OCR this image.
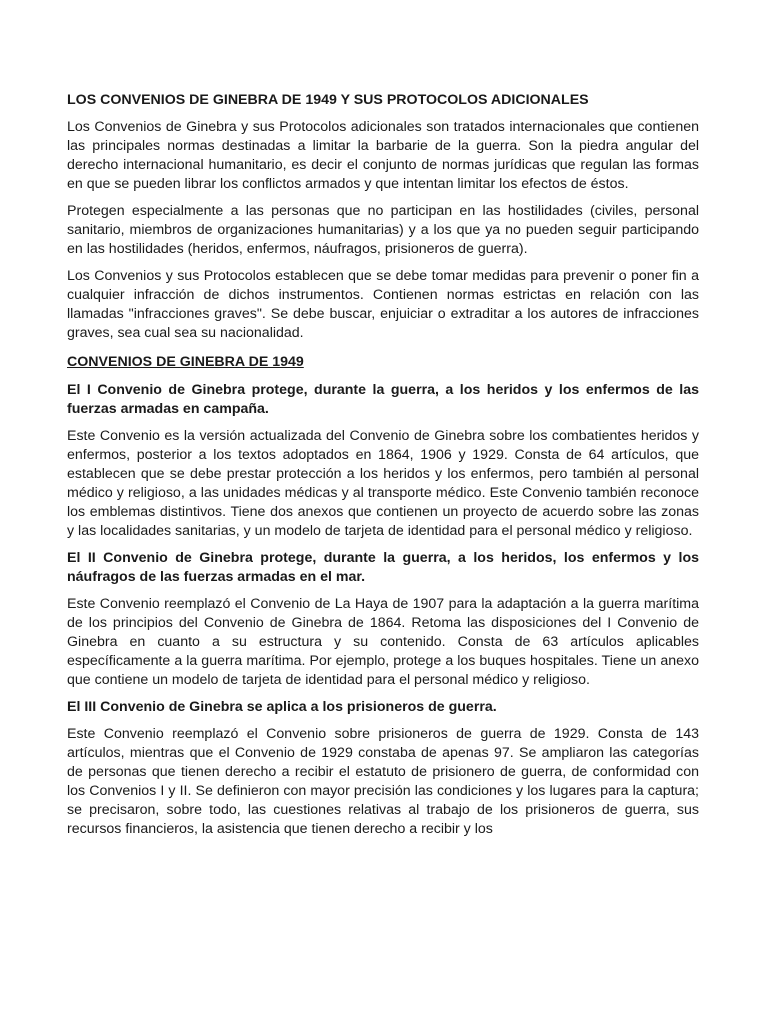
LOS CONVENIOS DE GINEBRA DE 1949 Y SUS PROTOCOLOS ADICIONALES

Los Convenios de Ginebra y sus Protocolos adicionales son tratados internacionales que contienen las principales normas destinadas a limitar la barbarie de la guerra. Son la piedra angular del derecho internacional humanitario, es decir el conjunto de normas jurídicas que regulan las formas en que se pueden librar los conflictos armados y que intentan limitar los efectos de éstos.

Protegen especialmente a las personas que no participan en las hostilidades (civiles, personal sanitario, miembros de organizaciones humanitarias) y a los que ya no pueden seguir participando en las hostilidades (heridos, enfermos, náufragos, prisioneros de guerra).

Los Convenios y sus Protocolos establecen que se debe tomar medidas para prevenir o poner fin a cualquier infracción de dichos instrumentos. Contienen normas estrictas en relación con las llamadas "infracciones graves". Se debe buscar, enjuiciar o extraditar a los autores de infracciones graves, sea cual sea su nacionalidad.

CONVENIOS DE GINEBRA DE 1949

El I Convenio de Ginebra protege, durante la guerra, a los heridos y los enfermos de las fuerzas armadas en campaña.

Este Convenio es la versión actualizada del Convenio de Ginebra sobre los combatientes heridos y enfermos, posterior a los textos adoptados en 1864, 1906 y 1929. Consta de 64 artículos, que establecen que se debe prestar protección a los heridos y los enfermos, pero también al personal médico y religioso, a las unidades médicas y al transporte médico. Este Convenio también reconoce los emblemas distintivos. Tiene dos anexos que contienen un proyecto de acuerdo sobre las zonas y las localidades sanitarias, y un modelo de tarjeta de identidad para el personal médico y religioso.

El II Convenio de Ginebra protege, durante la guerra, a los heridos, los enfermos y los náufragos de las fuerzas armadas en el mar.

Este Convenio reemplazó el Convenio de La Haya de 1907 para la adaptación a la guerra marítima de los principios del Convenio de Ginebra de 1864. Retoma las disposiciones del I Convenio de Ginebra en cuanto a su estructura y su contenido. Consta de 63 artículos aplicables específicamente a la guerra marítima. Por ejemplo, protege a los buques hospitales. Tiene un anexo que contiene un modelo de tarjeta de identidad para el personal médico y religioso.

El III Convenio de Ginebra se aplica a los prisioneros de guerra.

Este Convenio reemplazó el Convenio sobre prisioneros de guerra de 1929. Consta de 143 artículos, mientras que el Convenio de 1929 constaba de apenas 97. Se ampliaron las categorías de personas que tienen derecho a recibir el estatuto de prisionero de guerra, de conformidad con los Convenios I y II. Se definieron con mayor precisión las condiciones y los lugares para la captura; se precisaron, sobre todo, las cuestiones relativas al trabajo de los prisioneros de guerra, sus recursos financieros, la asistencia que tienen derecho a recibir y los
